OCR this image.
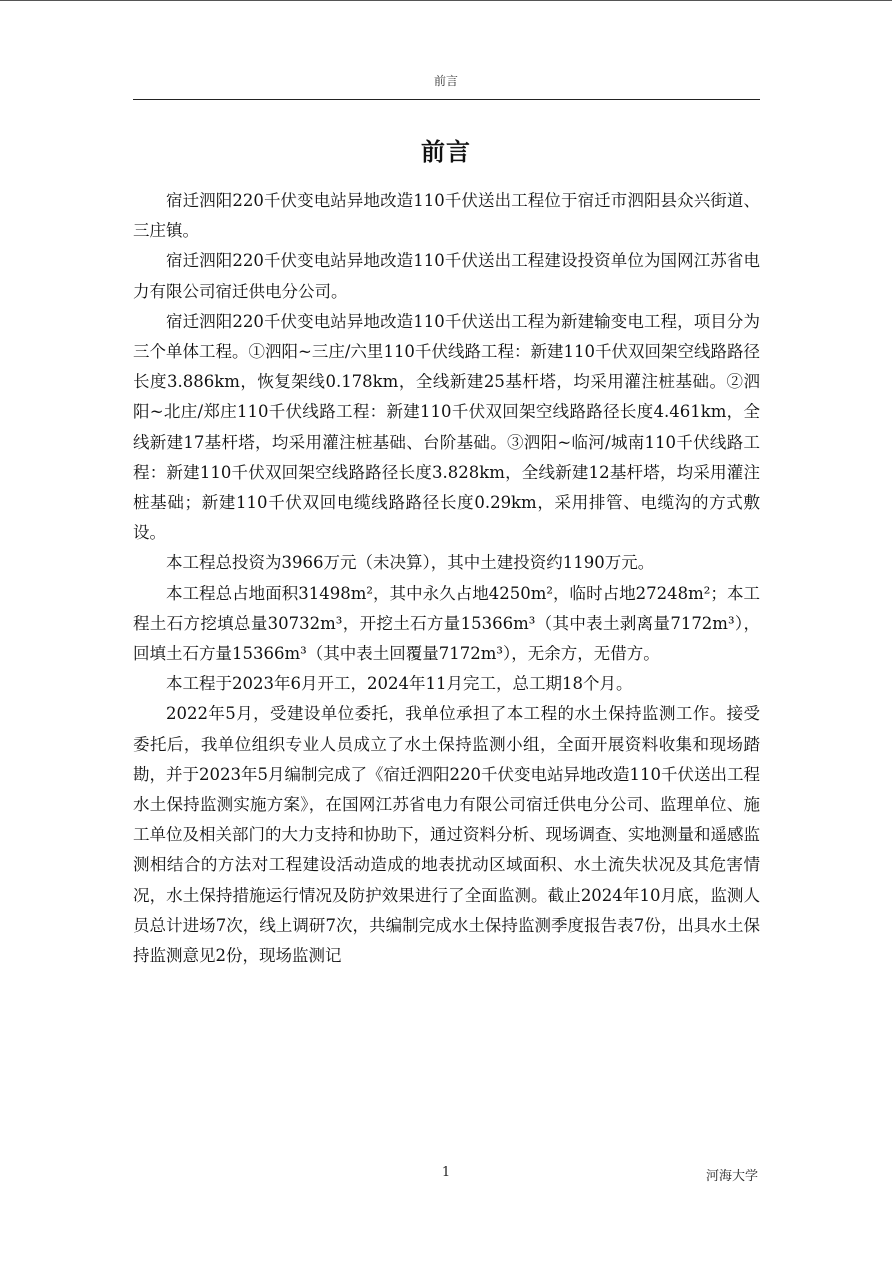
前言
前言

宿迁泗阳220千伏变电站异地改造110千伏送出工程位于宿迁市泗阳县众兴街道、三庄镇。

宿迁泗阳220千伏变电站异地改造110千伏送出工程建设投资单位为国网江苏省电力有限公司宿迁供电分公司。

宿迁泗阳220千伏变电站异地改造110千伏送出工程为新建输变电工程，项目分为三个单体工程。①泗阳~三庄/六里110千伏线路工程：新建110千伏双回架空线路路径长度3.886km，恢复架线0.178km，全线新建25基杆塔，均采用灌注桩基础。②泗阳~北庄/郑庄110千伏线路工程：新建110千伏双回架空线路路径长度4.461km，全线新建17基杆塔，均采用灌注桩基础、台阶基础。③泗阳~临河/城南110千伏线路工程：新建110千伏双回架空线路路径长度3.828km，全线新建12基杆塔，均采用灌注桩基础；新建110千伏双回电缆线路路径长度0.29km，采用排管、电缆沟的方式敷设。

本工程总投资为3966万元（未决算），其中土建投资约1190万元。

本工程总占地面积31498m²，其中永久占地4250m²，临时占地27248m²；本工程土石方挖填总量30732m³，开挖土石方量15366m³（其中表土剥离量7172m³），回填土石方量15366m³（其中表土回覆量7172m³），无余方，无借方。

本工程于2023年6月开工，2024年11月完工，总工期18个月。

2022年5月，受建设单位委托，我单位承担了本工程的水土保持监测工作。接受委托后，我单位组织专业人员成立了水土保持监测小组，全面开展资料收集和现场踏勘，并于2023年5月编制完成了《宿迁泗阳220千伏变电站异地改造110千伏送出工程水土保持监测实施方案》，在国网江苏省电力有限公司宿迁供电分公司、监理单位、施工单位及相关部门的大力支持和协助下，通过资料分析、现场调查、实地测量和遥感监测相结合的方法对工程建设活动造成的地表扰动区域面积、水土流失状况及其危害情况，水土保持措施运行情况及防护效果进行了全面监测。截止2024年10月底，监测人员总计进场7次，线上调研7次，共编制完成水土保持监测季度报告表7份，出具水土保持监测意见2份，现场监测记

1	河海大学
